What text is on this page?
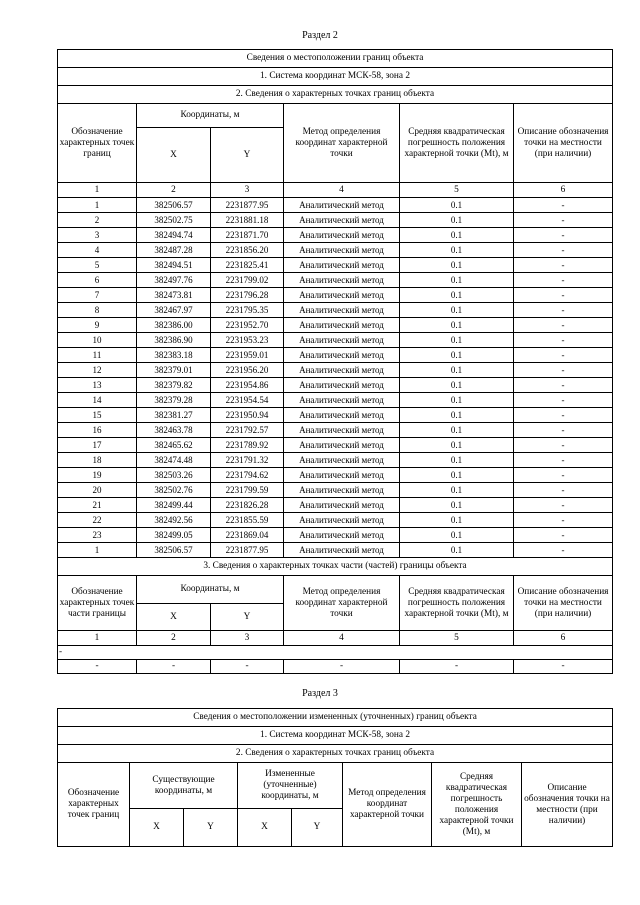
Раздел 2
Сведения о местоположении границ объекта					
1. Система координат МСК-58, зона 2					
2. Сведения о характерных точках границ объекта					
Обозначение характерных точек границ	Координаты, м		Метод определения координат характерной точки	Средняя квадратическая погрешность положения характерной точки (Mt), м	Описание обозначения точки на местности (при наличии)
	X	Y			
1	2	3	4	5	6
1	382506.57	2231877.95	Аналитический метод	0.1	-
2	382502.75	2231881.18	Аналитический метод	0.1	-
3	382494.74	2231871.70	Аналитический метод	0.1	-
4	382487.28	2231856.20	Аналитический метод	0.1	-
5	382494.51	2231825.41	Аналитический метод	0.1	-
6	382497.76	2231799.02	Аналитический метод	0.1	-
7	382473.81	2231796.28	Аналитический метод	0.1	-
8	382467.97	2231795.35	Аналитический метод	0.1	-
9	382386.00	2231952.70	Аналитический метод	0.1	-
10	382386.90	2231953.23	Аналитический метод	0.1	-
11	382383.18	2231959.01	Аналитический метод	0.1	-
12	382379.01	2231956.20	Аналитический метод	0.1	-
13	382379.82	2231954.86	Аналитический метод	0.1	-
14	382379.28	2231954.54	Аналитический метод	0.1	-
15	382381.27	2231950.94	Аналитический метод	0.1	-
16	382463.78	2231792.57	Аналитический метод	0.1	-
17	382465.62	2231789.92	Аналитический метод	0.1	-
18	382474.48	2231791.32	Аналитический метод	0.1	-
19	382503.26	2231794.62	Аналитический метод	0.1	-
20	382502.76	2231799.59	Аналитический метод	0.1	-
21	382499.44	2231826.28	Аналитический метод	0.1	-
22	382492.56	2231855.59	Аналитический метод	0.1	-
23	382499.05	2231869.04	Аналитический метод	0.1	-
1	382506.57	2231877.95	Аналитический метод	0.1	-
3. Сведения о характерных точках части (частей) границы объекта					
Обозначение характерных точек части границы	Координаты, м		Метод определения координат характерной точки	Средняя квадратическая погрешность положения характерной точки (Mt), м	Описание обозначения точки на местности (при наличии)
	X	Y			
1	2	3	4	5	6
-					
-	-	-	-	-	-
Раздел 3
Сведения о местоположении измененных (уточненных) границ объекта							
1. Система координат МСК-58, зона 2							
2. Сведения о характерных точках границ объекта							
Обозначение характерных точек границ	Существующие координаты, м		Измененные (уточненные) координаты, м		Метод определения координат характерной точки	Средняя квадратическая погрешность положения характерной точки (Mt), м	Описание обозначения точки на местности (при наличии)
	X	Y	X	Y			
